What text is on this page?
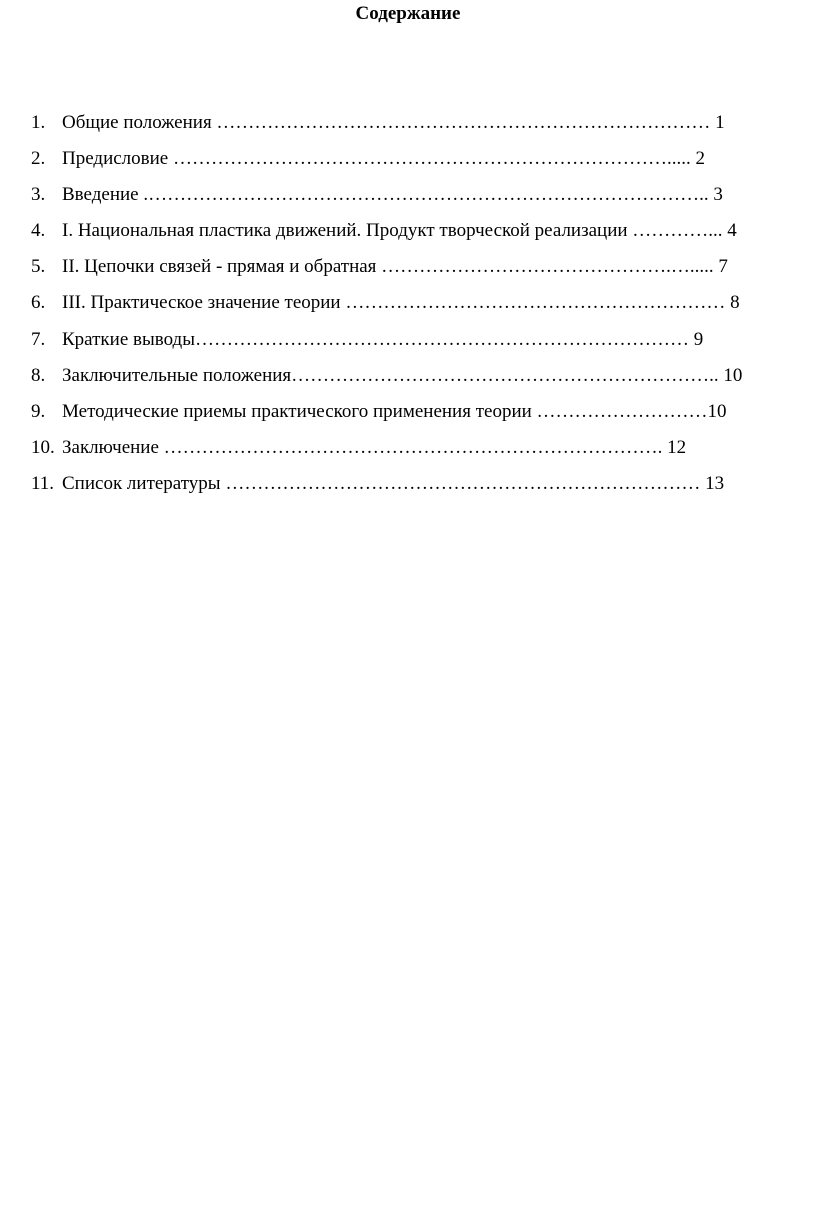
Содержание
1. Общие положения …………………………………………………………………… 1
2. Предисловие ……………………………………………………………………..... 2
3. Введение .…………………………………………………………………………….. 3
4. I. Национальная пластика движений. Продукт творческой реализации …………... 4
5. II. Цепочки связей - прямая и обратная ……………………………………….…..... 7
6. III. Практическое значение теории …………………………………………………… 8
7. Краткие выводы…………………………………………………………………… 9
8. Заключительные положения………………………………………………………….. 10
9. Методические приемы практического применения теории ………………………10
10. Заключение ……………………………………………………………………. 12
11. Список литературы ………………………………………………………………… 13
